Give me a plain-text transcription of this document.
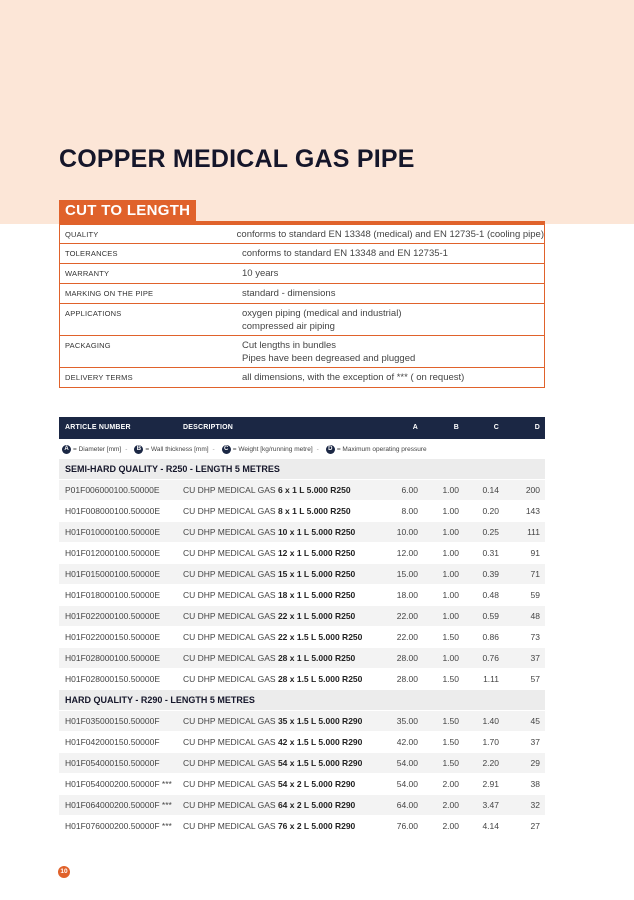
COPPER MEDICAL GAS PIPE
CUT TO LENGTH
QUALITY	conforms to standard EN 13348 (medical) and EN 12735-1 (cooling pipe)
TOLERANCES	conforms to standard EN 13348 and EN 12735-1
WARRANTY	10 years
MARKING ON THE PIPE	standard - dimensions
APPLICATIONS	oxygen piping (medical and industrial)
compressed air piping
PACKAGING	Cut lengths in bundles
Pipes have been degreased and plugged
DELIVERY TERMS	all dimensions, with the exception of *** ( on request)
ARTICLE NUMBER	DESCRIPTION	A	B	C	D
A = Diameter [mm] -	B = Wall thickness [mm] -	C = Weight [kg/running metre] -	D = Maximum operating pressure
SEMI-HARD QUALITY - R250 - LENGTH 5 METRES
P01F006000100.50000E	CU DHP MEDICAL GAS 6 x 1 L 5.000 R250	6.00	1.00	0.14	200
H01F008000100.50000E	CU DHP MEDICAL GAS 8 x 1 L 5.000 R250	8.00	1.00	0.20	143
H01F010000100.50000E	CU DHP MEDICAL GAS 10 x 1 L 5.000 R250	10.00	1.00	0.25	111
H01F012000100.50000E	CU DHP MEDICAL GAS 12 x 1 L 5.000 R250	12.00	1.00	0.31	91
H01F015000100.50000E	CU DHP MEDICAL GAS 15 x 1 L 5.000 R250	15.00	1.00	0.39	71
H01F018000100.50000E	CU DHP MEDICAL GAS 18 x 1 L 5.000 R250	18.00	1.00	0.48	59
H01F022000100.50000E	CU DHP MEDICAL GAS 22 x 1 L 5.000 R250	22.00	1.00	0.59	48
H01F022000150.50000E	CU DHP MEDICAL GAS 22 x 1.5 L 5.000 R250	22.00	1.50	0.86	73
H01F028000100.50000E	CU DHP MEDICAL GAS 28 x 1 L 5.000 R250	28.00	1.00	0.76	37
H01F028000150.50000E	CU DHP MEDICAL GAS 28 x 1.5 L 5.000 R250	28.00	1.50	1.11	57
HARD QUALITY - R290 - LENGTH 5 METRES
H01F035000150.50000F	CU DHP MEDICAL GAS 35 x 1.5 L 5.000 R290	35.00	1.50	1.40	45
H01F042000150.50000F	CU DHP MEDICAL GAS 42 x 1.5 L 5.000 R290	42.00	1.50	1.70	37
H01F054000150.50000F	CU DHP MEDICAL GAS 54 x 1.5 L 5.000 R290	54.00	1.50	2.20	29
H01F054000200.50000F *** CU DHP MEDICAL GAS 54 x 2 L 5.000 R290	54.00	2.00	2.91	38
H01F064000200.50000F *** CU DHP MEDICAL GAS 64 x 2 L 5.000 R290	64.00	2.00	3.47	32
H01F076000200.50000F *** CU DHP MEDICAL GAS 76 x 2 L 5.000 R290	76.00	2.00	4.14	27
10
